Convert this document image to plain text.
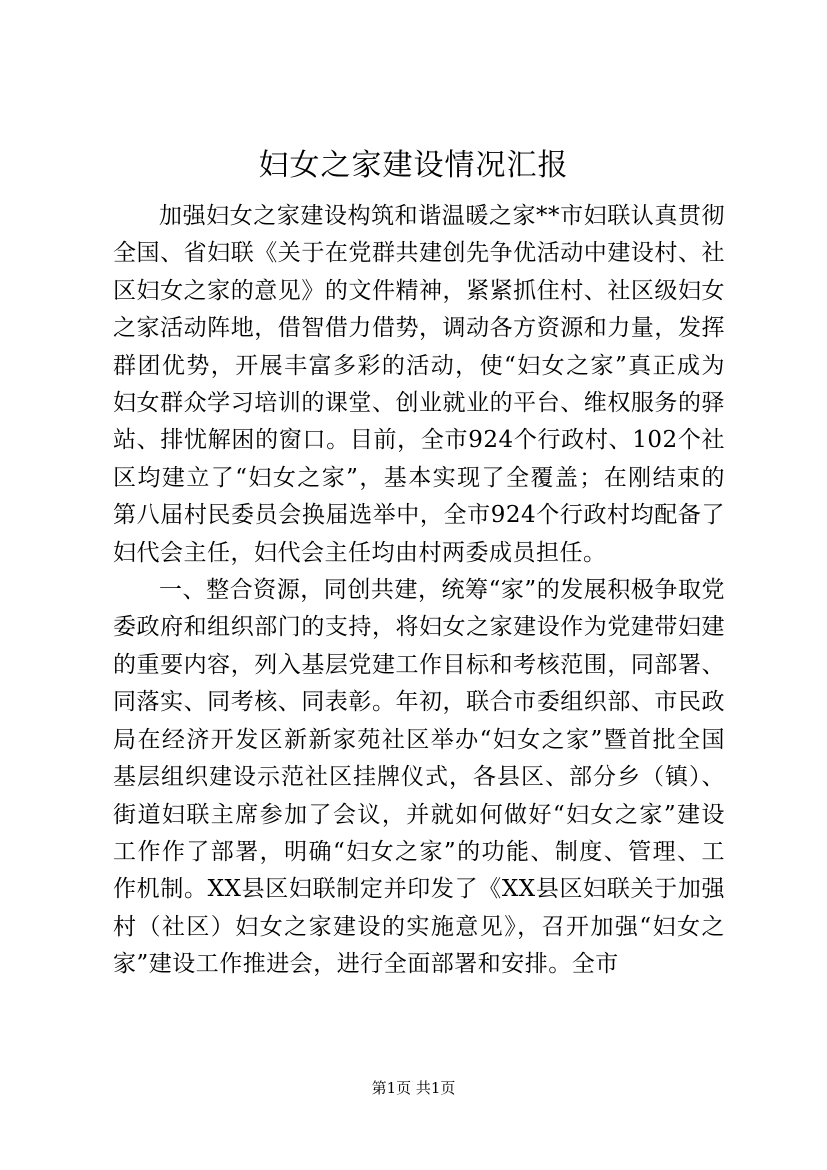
妇女之家建设情况汇报

加强妇女之家建设构筑和谐温暖之家**市妇联认真贯彻全国、省妇联《关于在党群共建创先争优活动中建设村、社区妇女之家的意见》的文件精神，紧紧抓住村、社区级妇女之家活动阵地，借智借力借势，调动各方资源和力量，发挥群团优势，开展丰富多彩的活动，使“妇女之家”真正成为妇女群众学习培训的课堂、创业就业的平台、维权服务的驿站、排忧解困的窗口。目前，全市924个行政村、102个社区均建立了“妇女之家”，基本实现了全覆盖；在刚结束的第八届村民委员会换届选举中，全市924个行政村均配备了妇代会主任，妇代会主任均由村两委成员担任。

一、整合资源，同创共建，统筹“家”的发展积极争取党委政府和组织部门的支持，将妇女之家建设作为党建带妇建的重要内容，列入基层党建工作目标和考核范围，同部署、同落实、同考核、同表彰。年初，联合市委组织部、市民政局在经济开发区新新家苑社区举办“妇女之家”暨首批全国基层组织建设示范社区挂牌仪式，各县区、部分乡（镇）、街道妇联主席参加了会议，并就如何做好“妇女之家”建设工作作了部署，明确“妇女之家”的功能、制度、管理、工作机制。XX县区妇联制定并印发了《XX县区妇联关于加强村（社区）妇女之家建设的实施意见》，召开加强“妇女之家”建设工作推进会，进行全面部署和安排。全市

第1页 共1页
